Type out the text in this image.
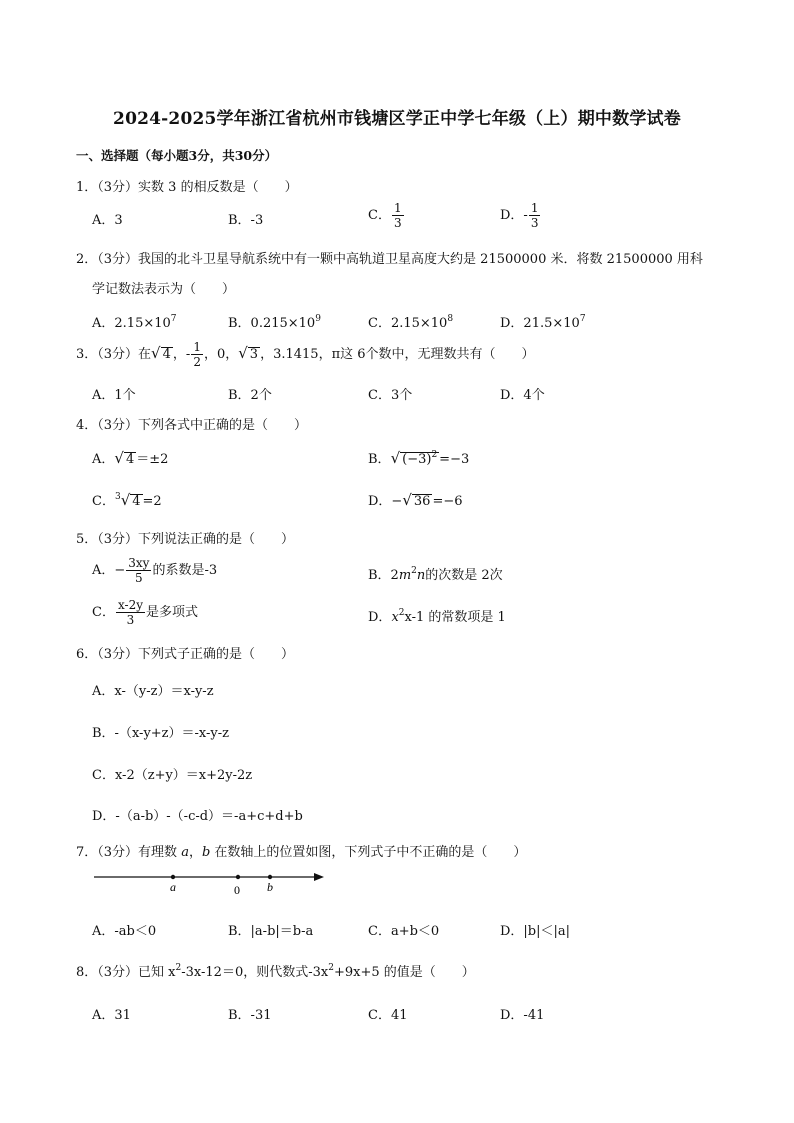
2024-2025学年浙江省杭州市钱塘区学正中学七年级（上）期中数学试卷
一、选择题（每小题3分，共30分）
1．（3分）实数 3 的相反数是（　　）
A．3	B．-3	C． $\frac{1}{3}$	D．- $\frac{1}{3}$
2．（3分）我国的北斗卫星导航系统中有一颗中高轨道卫星高度大约是 21500000 米．将数 21500000 用科
学记数法表示为（　　）
A．$2.15\times 10^7$	B．$0.215\times 10^9$	C．$2.15\times 10^8$	D．$21.5\times 10^7$
3．（3分）在√ 4 ，- $\frac{1}{2}$ ，0，√ 3 ，3.1415，π这 6个数中，无理数共有（　　）
A．1个	B．2个	C．3个	D．4个
4．（3分）下列各式中正确的是（　　）
A．√ 4 ＝±2	B．√ $(-3)^2 =-3$
C．$^3$√ 4 =2	D．−√ 36 =−6
5．（3分）下列说法正确的是（　　）
A．− $\frac{3xy}{5}$ 的系数是-3	B．$2m^2n$的次数是 2次
C． $\frac{x-2y}{3}$ 是多项式	D．$x^2x-1$ 的常数项是 1
6．（3分）下列式子正确的是（　　）
A．x-（y-z）＝x-y-z
B．-（x-y+z）＝-x-y-z
C．x-2（z+y）＝x+2y-2z
D．-（a-b）-（-c-d）＝-a+c+d+b
7．（3分）有理数 a，b 在数轴上的位置如图，下列式子中不正确的是（　　）
a	0 b
A．-ab＜0	B．|a-b|＝b-a	C．a+b＜0	D．|b|＜|a|
8．（3分）已知 $x^2-3x-12=0$，则代数式$-3x^2+9x+5$ 的值是（　　）
A．31	B．-31	C．41	D．-41
